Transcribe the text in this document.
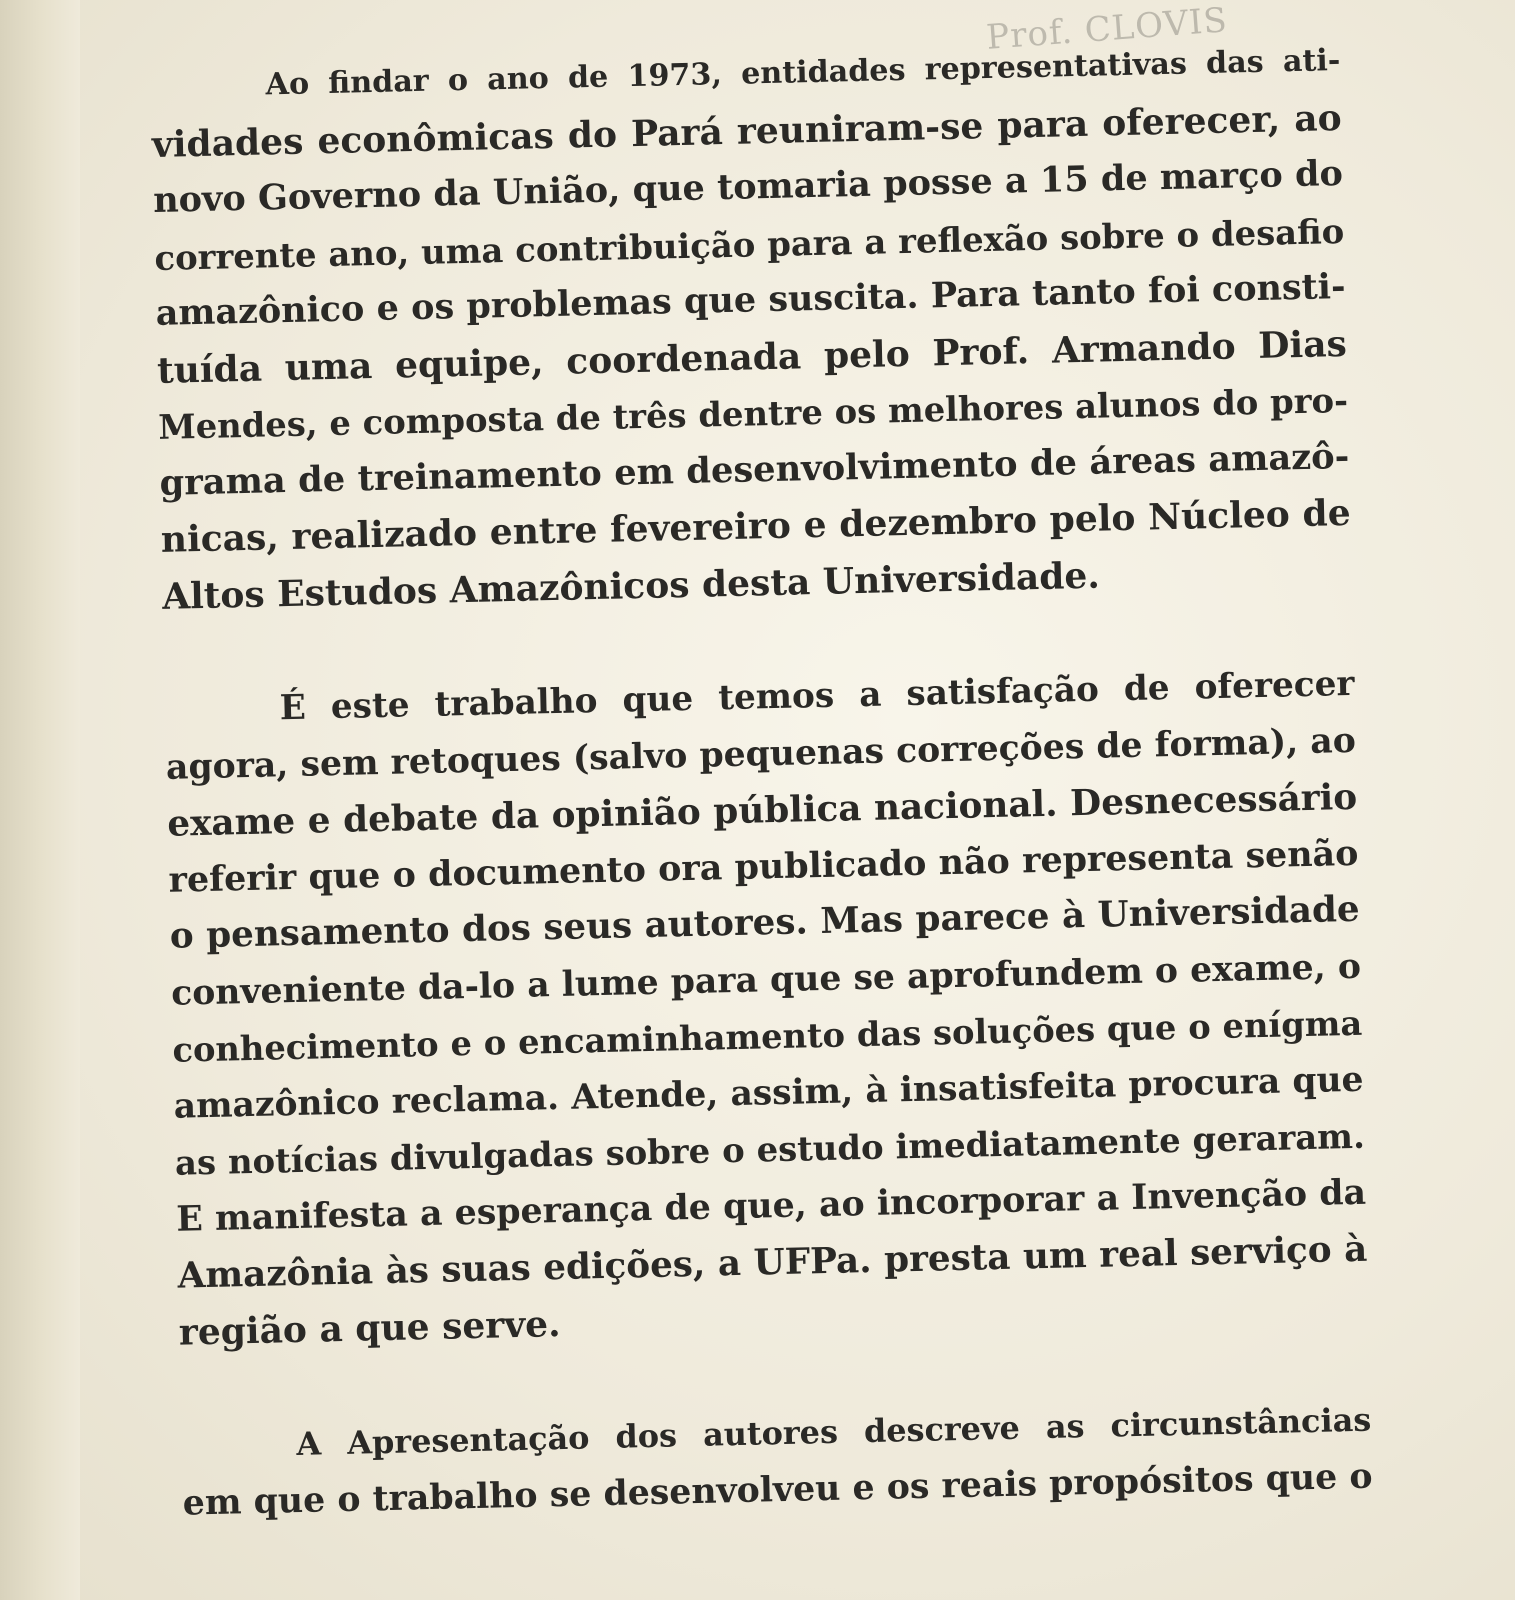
Prof. CLOVIS

Ao findar o ano de 1973, entidades representativas das ati-
vidades econômicas do Pará reuniram-se para oferecer, ao
novo Governo da União, que tomaria posse a 15 de março do
corrente ano, uma contribuição para a reflexão sobre o desafio
amazônico e os problemas que suscita. Para tanto foi consti-
tuída uma equipe, coordenada pelo Prof. Armando Dias
Mendes, e composta de três dentre os melhores alunos do pro-
grama de treinamento em desenvolvimento de áreas amazô-
nicas, realizado entre fevereiro e dezembro pelo Núcleo de
Altos Estudos Amazônicos desta Universidade.

É este trabalho que temos a satisfação de oferecer
agora, sem retoques (salvo pequenas correções de forma), ao
exame e debate da opinião pública nacional. Desnecessário
referir que o documento ora publicado não representa senão
o pensamento dos seus autores. Mas parece à Universidade
conveniente da-lo a lume para que se aprofundem o exame, o
conhecimento e o encaminhamento das soluções que o enígma
amazônico reclama. Atende, assim, à insatisfeita procura que
as notícias divulgadas sobre o estudo imediatamente geraram.
E manifesta a esperança de que, ao incorporar a Invenção da
Amazônia às suas edições, a UFPa. presta um real serviço à
região a que serve.

A Apresentação dos autores descreve as circunstâncias
em que o trabalho se desenvolveu e os reais propósitos que o
